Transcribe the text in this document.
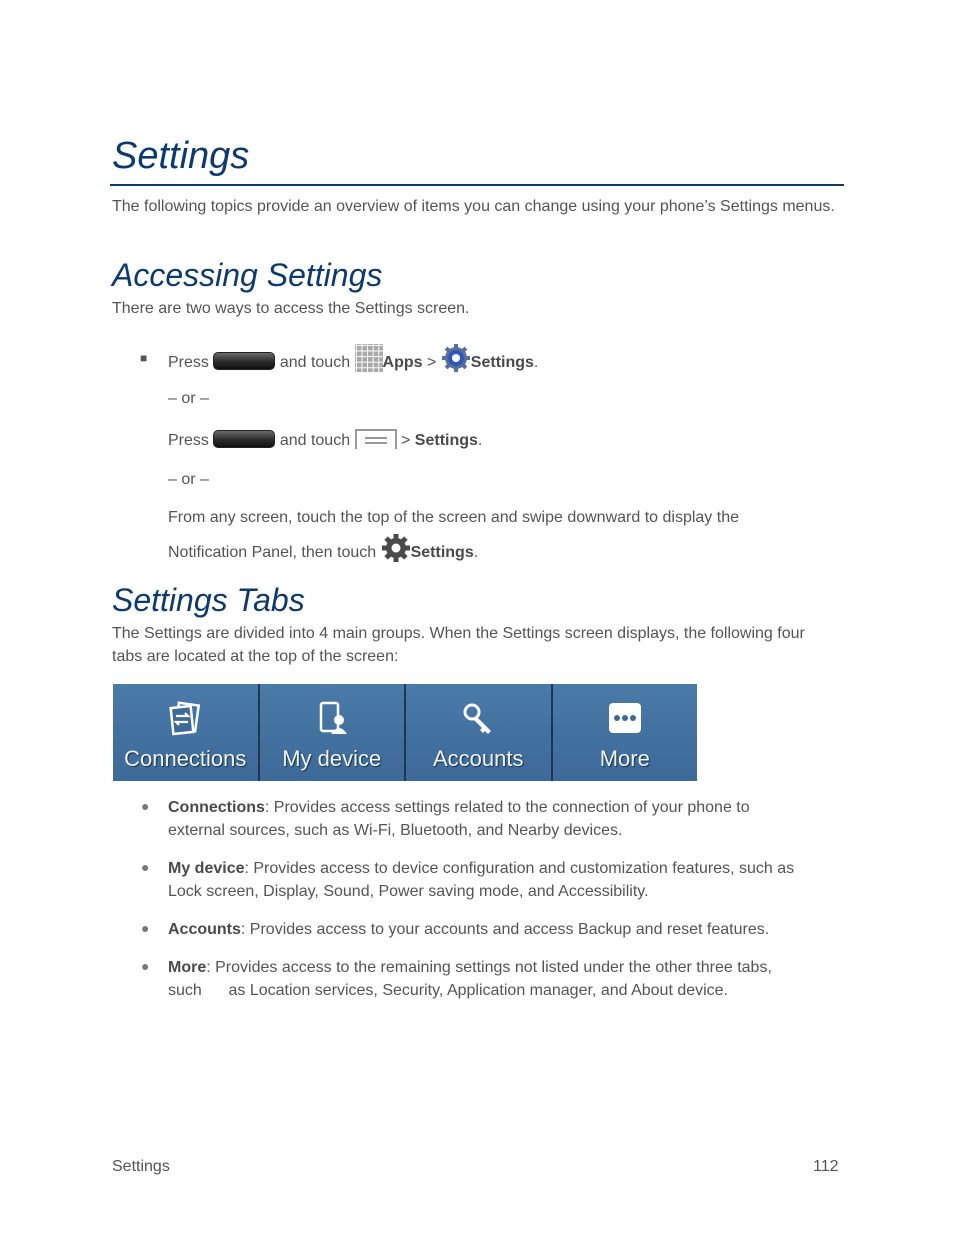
Settings

The following topics provide an overview of items you can change using your phone’s Settings menus.

Accessing Settings

There are two ways to access the Settings screen.

■ Press	and touch Apps > Settings.
– or –
Press	and touch	> Settings.
– or –
From any screen, touch the top of the screen and swipe downward to display the
Notification Panel, then touch Settings.
Settings Tabs

The Settings are divided into 4 main groups. When the Settings screen displays, the following four tabs are located at the top of the screen:

Connections	My device	Accounts	More
● Connections: Provides access settings related to the connection of your phone to
external sources, such as Wi-Fi, Bluetooth, and Nearby devices.
● My device: Provides access to device configuration and customization features, such as
Lock screen, Display, Sound, Power saving mode, and Accessibility.
● Accounts: Provides access to your accounts and access Backup and reset features.
● More: Provides access to the remaining settings not listed under the other three tabs,
such      as Location services, Security, Application manager, and About device.
Settings	112
